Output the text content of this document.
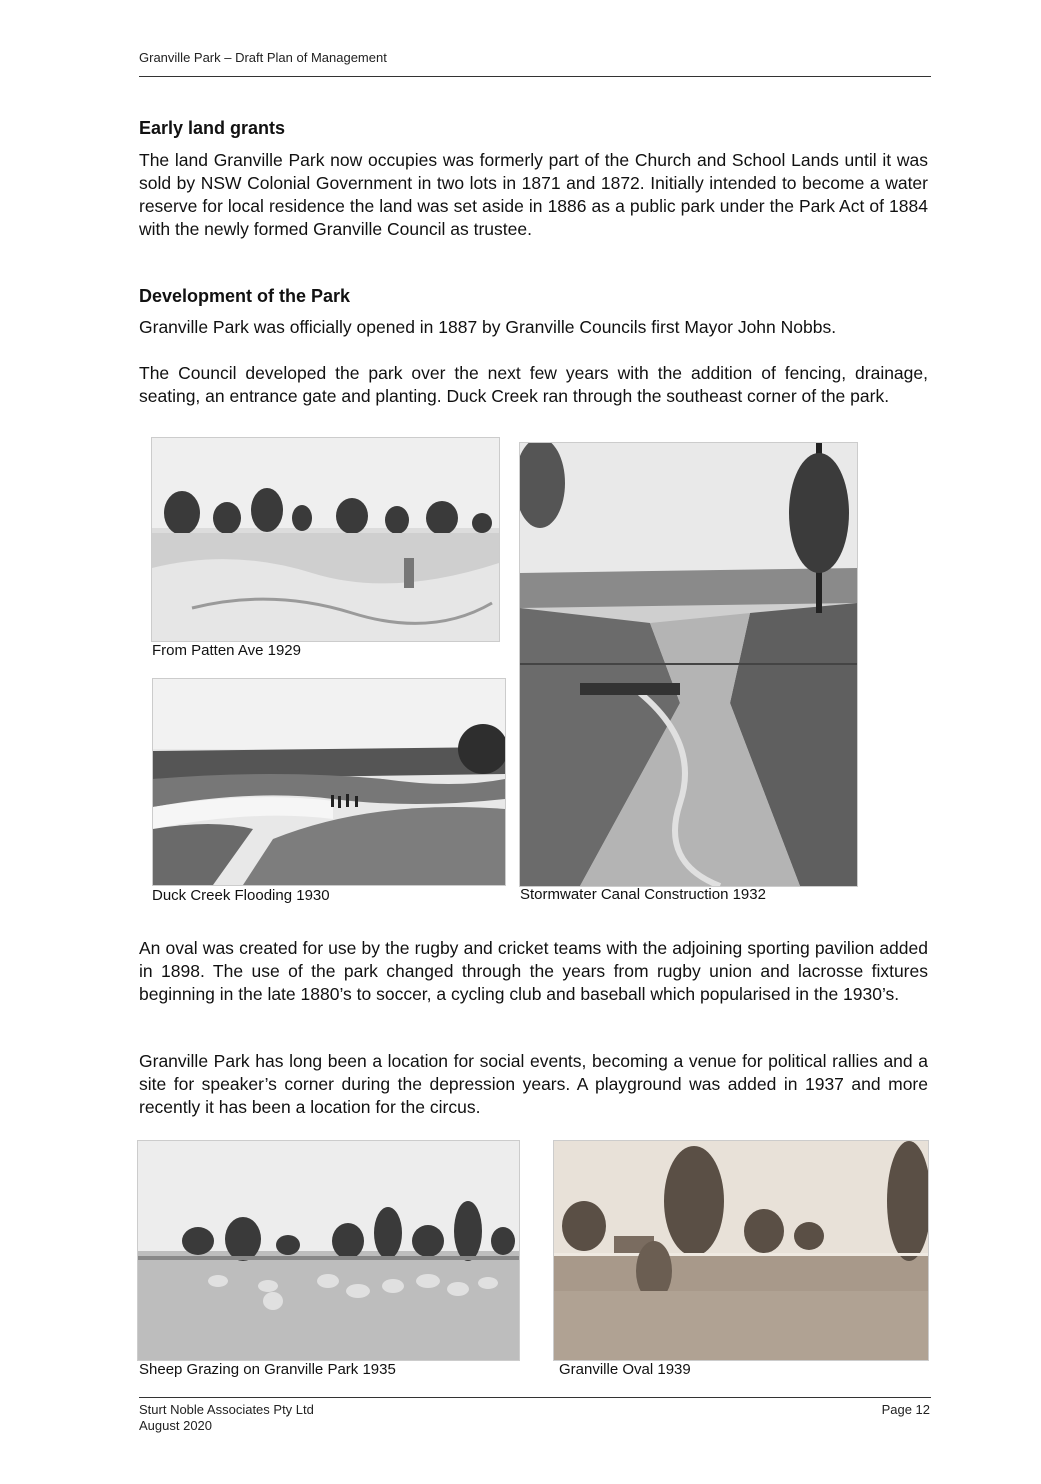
Granville Park – Draft Plan of Management
Early land grants

The land Granville Park now occupies was formerly part of the Church and School Lands until it was sold by NSW Colonial Government in two lots in 1871 and 1872. Initially intended to become a water reserve for local residence the land was set aside in 1886 as a public park under the Park Act of 1884 with the newly formed Granville Council as trustee.

Development of the Park

Granville Park was officially opened in 1887 by Granville Councils first Mayor John Nobbs.

The Council developed the park over the next few years with the addition of fencing, drainage, seating, an entrance gate and planting. Duck Creek ran through the southeast corner of the park.

From Patten Ave 1929
Duck Creek Flooding 1930	Stormwater Canal Construction 1932

An oval was created for use by the rugby and cricket teams with the adjoining sporting pavilion added in 1898. The use of the park changed through the years from rugby union and lacrosse fixtures beginning in the late 1880’s to soccer, a cycling club and baseball which popularised in the 1930’s.

Granville Park has long been a location for social events, becoming a venue for political rallies and a site for speaker’s corner during the depression years. A playground was added in 1937 and more recently it has been a location for the circus.

Sheep Grazing on Granville Park 1935	Granville Oval 1939
Sturt Noble Associates Pty Ltd
August 2020
Page 12
